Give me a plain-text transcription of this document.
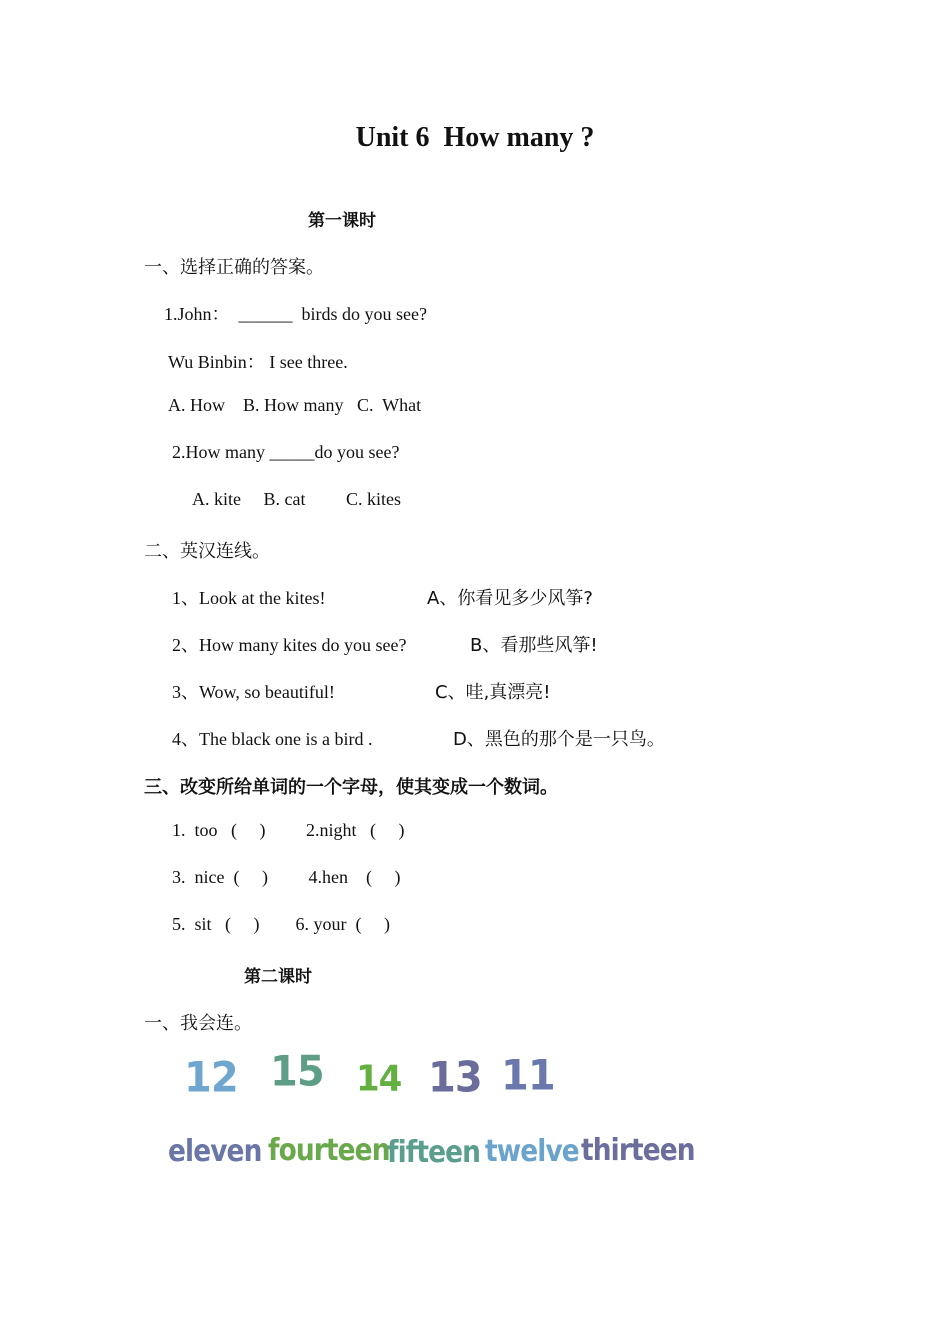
Unit 6  How many ?
第一课时
一、选择正确的答案。
1.John：  ______  birds do you see?
Wu Binbin： I see three.
A. How    B. How many   C.  What
2.How many _____do you see?
A. kite     B. cat         C. kites
二、英汉连线。
1、Look at the kites!	A、你看见多少风筝?
2、How many kites do you see?	B、看那些风筝!
3、Wow, so beautiful!	C、哇,真漂亮!
4、The black one is a bird .	D、黑色的那个是一只鸟。
三、改变所给单词的一个字母，使其变成一个数词。
1.  too   (     )         2.night   (     )
3.  nice  (     )         4.hen    (     )
5.  sit   (     )        6. your  (     )
第二课时
一、我会连。
12 15 14 13 11
eleven fourteen
fifteen twelve thirteen
